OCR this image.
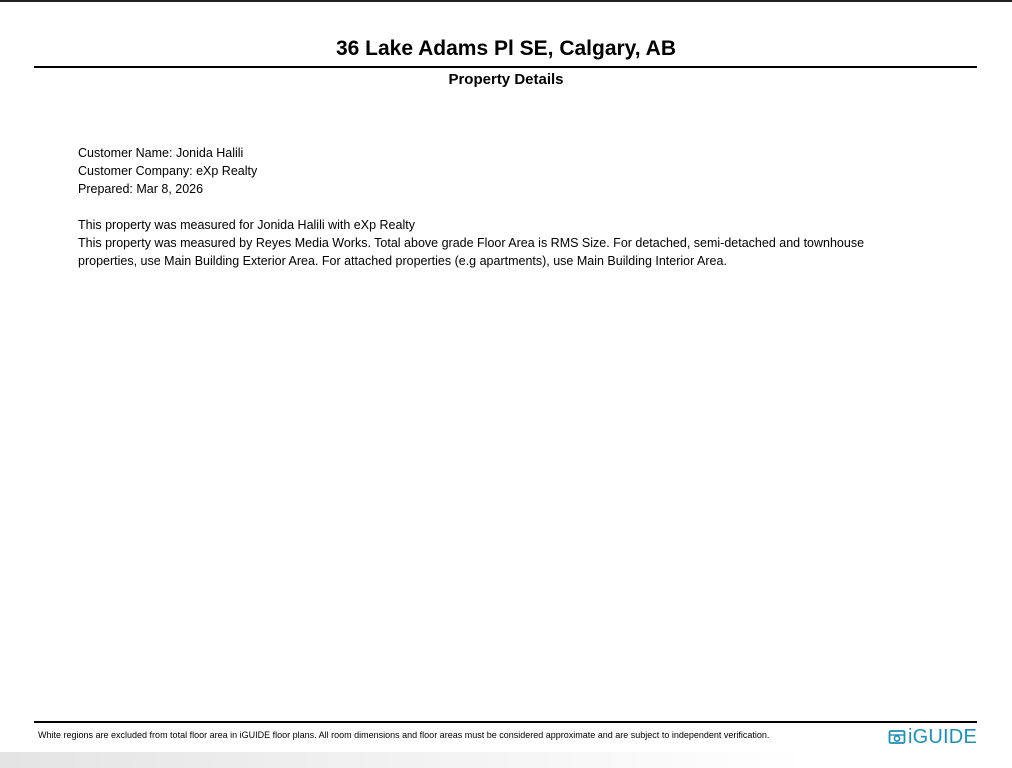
36 Lake Adams Pl SE, Calgary, AB
Property Details
Customer Name: Jonida Halili
Customer Company: eXp Realty
Prepared: Mar 8, 2026
This property was measured for Jonida Halili with eXp Realty
This property was measured by Reyes Media Works. Total above grade Floor Area is RMS Size. For detached, semi-detached and townhouse properties, use Main Building Exterior Area. For attached properties (e.g apartments), use Main Building Interior Area.
White regions are excluded from total floor area in iGUIDE floor plans. All room dimensions and floor areas must be considered approximate and are subject to independent verification.	iGUIDE
